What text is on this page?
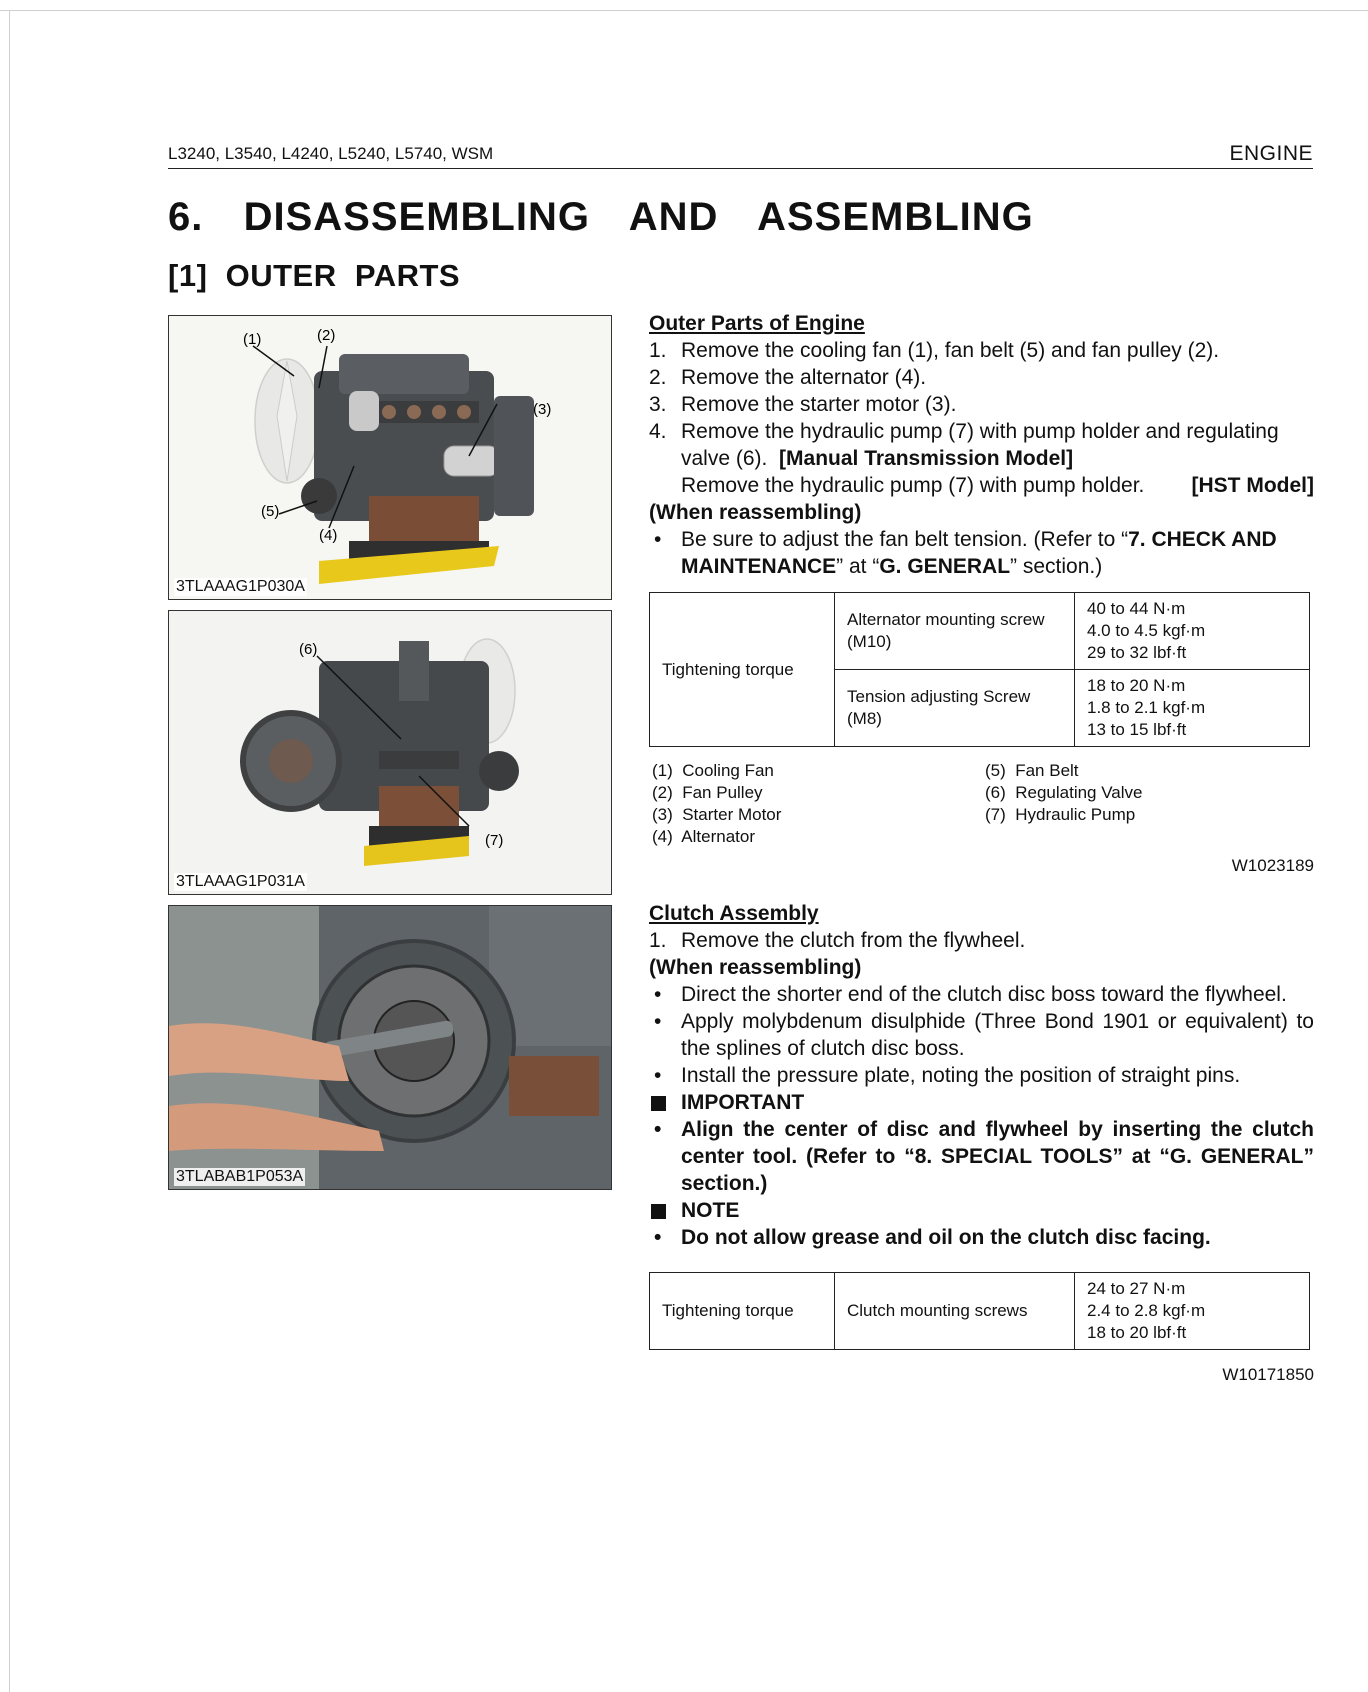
L3240, L3540, L4240, L5240, L5740, WSM	ENGINE
6.  DISASSEMBLING  AND  ASSEMBLING
[1]  OUTER  PARTS
(1)	(2)
(3)
(4)
(5)
3TLAAAG1P030A
(6)
(7)
3TLAAAG1P031A
3TLABAB1P053A
Outer Parts of Engine
1. Remove the cooling fan (1), fan belt (5) and fan pulley (2).
2. Remove the alternator (4).
3. Remove the starter motor (3).
4. Remove the hydraulic pump (7) with pump holder and regulating valve (6). [Manual Transmission Model]
Remove the hydraulic pump (7) with pump holder. [HST Model]
(When reassembling)
• Be sure to adjust the fan belt tension. (Refer to “7. CHECK AND MAINTENANCE” at “G. GENERAL” section.)
Tightening torque	Alternator mounting screw (M10)	40 to 44 N·m
4.0 to 4.5 kgf·m
29 to 32 lbf·ft

	Tension adjusting Screw (M8)	18 to 20 N·m
1.8 to 2.1 kgf·m
13 to 15 lbf·ft
(1)  Cooling Fan
(2)  Fan Pulley
(3)  Starter Motor
(4)  Alternator
(5)  Fan Belt
(6)  Regulating Valve
(7)  Hydraulic Pump
W1023189
Clutch Assembly
1. Remove the clutch from the flywheel.
(When reassembling)
• Direct the shorter end of the clutch disc boss toward the flywheel.
• Apply molybdenum disulphide (Three Bond 1901 or equivalent) to the splines of clutch disc boss.
• Install the pressure plate, noting the position of straight pins.
IMPORTANT
• Align the center of disc and flywheel by inserting the clutch center tool. (Refer to “8. SPECIAL TOOLS” at “G. GENERAL” section.)
NOTE
• Do not allow grease and oil on the clutch disc facing.
Tightening torque	Clutch mounting screws	
24 to 27 N·m
2.4 to 2.8 kgf·m
18 to 20 lbf·ft
W10171850
